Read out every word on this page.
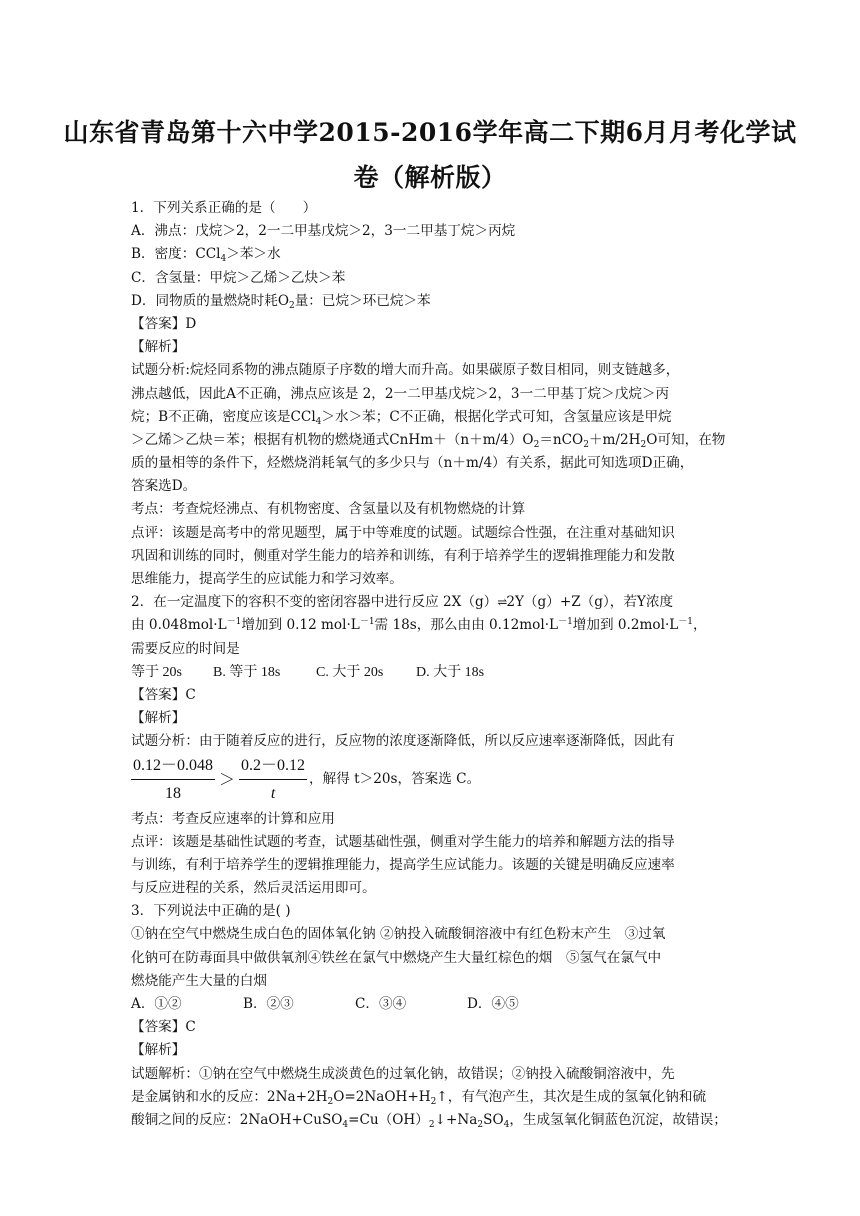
山东省青岛第十六中学2015-2016学年高二下期6月月考化学试
卷（解析版）
1．下列关系正确的是（　　）
A．沸点：戊烷＞2，2一二甲基戊烷＞2，3一二甲基丁烷＞丙烷
B．密度：CCl$_4$＞苯＞水
C．含氢量：甲烷＞乙烯＞乙炔＞苯
D．同物质的量燃烧时耗$O_2$量：已烷＞环已烷＞苯
【答案】D
【解析】
试题分析:烷烃同系物的沸点随原子序数的增大而升高。如果碳原子数目相同，则支链越多，
沸点越低，因此A不正确，沸点应该是 2，2一二甲基戊烷＞2，3一二甲基丁烷＞戊烷＞丙
烷；B不正确，密度应该是CCl$_4$＞水＞苯；C不正确，根据化学式可知，含氢量应该是甲烷
＞乙烯＞乙炔＝苯；根据有机物的燃烧通式$CnHm+(n+m/4)O_2=nCO_2+m/2H_2O$可知，在物
质的量相等的条件下，烃燃烧消耗氧气的多少只与（n＋m/4）有关系，据此可知选项D正确，
答案选D。
考点：考查烷烃沸点、有机物密度、含氢量以及有机物燃烧的计算
点评：该题是高考中的常见题型，属于中等难度的试题。试题综合性强，在注重对基础知识
巩固和训练的同时，侧重对学生能力的培养和训练，有利于培养学生的逻辑推理能力和发散
思维能力，提高学生的应试能力和学习效率。
2．在一定温度下的容积不变的密闭容器中进行反应 2X（g）⇌2Y（g）+Z（g），若Y浓度
由 $0.048mol\cdot L^{-1}$增加到 0.12 $mol\cdot L^{-1}$需 18s，那么由由 $0.12mol\cdot L^{-1}$增加到 $0.2mol\cdot L^{-1}$，
需要反应的时间是
等于 20s B. 等于 18s	C. 大于 20s D. 大于 18s
【答案】C
【解析】
试题分析：由于随着反应的进行，反应物的浓度逐渐降低，所以反应速率逐渐降低，因此有
$\frac{0.12-0.048}{18} > \frac{0.2-0.12}{t}$ ，解得 t＞20s，答案选 C。
考点：考查反应速率的计算和应用
点评：该题是基础性试题的考查，试题基础性强，侧重对学生能力的培养和解题方法的指导
与训练，有利于培养学生的逻辑推理能力，提高学生应试能力。该题的关键是明确反应速率
与反应进程的关系，然后灵活运用即可。
3．下列说法中正确的是( )
①钠在空气中燃烧生成白色的固体氧化钠 ②钠投入硫酸铜溶液中有红色粉末产生　③过氧
化钠可在防毒面具中做供氧剂④铁丝在氯气中燃烧产生大量红棕色的烟　⑤氢气在氯气中
燃烧能产生大量的白烟
A．①②	B．②③	C．③④	D．④⑤
【答案】C
【解析】
试题解析：①钠在空气中燃烧生成淡黄色的过氧化钠，故错误；②钠投入硫酸铜溶液中，先
是金属钠和水的反应：$2Na+2H_2O=2NaOH+H_2↑$，有气泡产生，其次是生成的氢氧化钠和硫
酸铜之间的反应：$2NaOH+CuSO_4=Cu(OH)_2↓+Na_2SO_4$，生成氢氧化铜蓝色沉淀，故错误；
